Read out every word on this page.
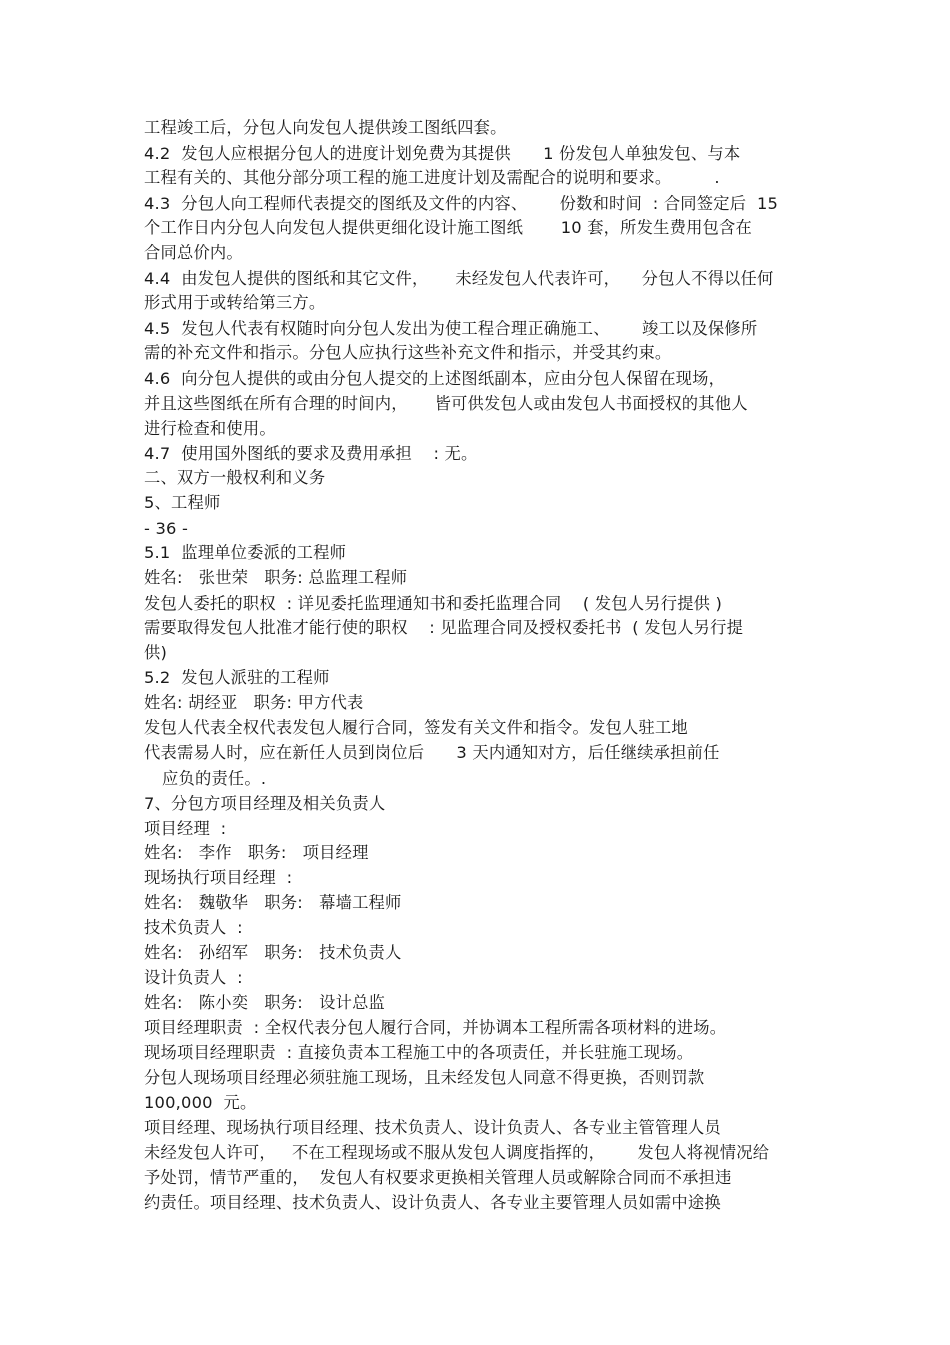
工程竣工后，分包人向发包人提供竣工图纸四套。
4.2  发包人应根据分包人的进度计划免费为其提供      1 份发包人单独发包、与本
工程有关的、其他分部分项工程的施工进度计划及需配合的说明和要求。        .
4.3  分包人向工程师代表提交的图纸及文件的内容、      份数和时间  : 合同签定后  15
个工作日内分包人向发包人提供更细化设计施工图纸       10 套，所发生费用包含在
合同总价内。
4.4  由发包人提供的图纸和其它文件，     未经发包人代表许可，    分包人不得以任何
形式用于或转给第三方。
4.5  发包人代表有权随时向分包人发出为使工程合理正确施工、      竣工以及保修所
需的补充文件和指示。分包人应执行这些补充文件和指示，并受其约束。
4.6  向分包人提供的或由分包人提交的上述图纸副本，应由分包人保留在现场，
并且这些图纸在所有合理的时间内，     皆可供发包人或由发包人书面授权的其他人
进行检查和使用。
4.7  使用国外图纸的要求及费用承担    : 无。
二、双方一般权利和义务
5、工程师
- 36 -
5.1  监理单位委派的工程师
姓名:   张世荣   职务: 总监理工程师
发包人委托的职权  : 详见委托监理通知书和委托监理合同    ( 发包人另行提供 )
需要取得发包人批准才能行使的职权    : 见监理合同及授权委托书  ( 发包人另行提
供)
5.2  发包人派驻的工程师
姓名: 胡经亚   职务: 甲方代表
发包人代表全权代表发包人履行合同，签发有关文件和指令。发包人驻工地
代表需易人时，应在新任人员到岗位后      3 天内通知对方，后任继续承担前任
应负的责任。.
7、分包方项目经理及相关负责人
项目经理  :
姓名:   李作   职务:   项目经理
现场执行项目经理  :
姓名:   魏敬华   职务:   幕墙工程师
技术负责人  :
姓名:   孙绍军   职务:   技术负责人
设计负责人  :
姓名:   陈小奕   职务:   设计总监
项目经理职责  : 全权代表分包人履行合同，并协调本工程所需各项材料的进场。
现场项目经理职责  : 直接负责本工程施工中的各项责任，并长驻施工现场。
分包人现场项目经理必须驻施工现场，且未经发包人同意不得更换，否则罚款
100,000  元。
项目经理、现场执行项目经理、技术负责人、设计负责人、各专业主管管理人员
未经发包人许可，   不在工程现场或不服从发包人调度指挥的，      发包人将视情况给
予处罚，情节严重的，  发包人有权要求更换相关管理人员或解除合同而不承担违
约责任。项目经理、技术负责人、设计负责人、各专业主要管理人员如需中途换
